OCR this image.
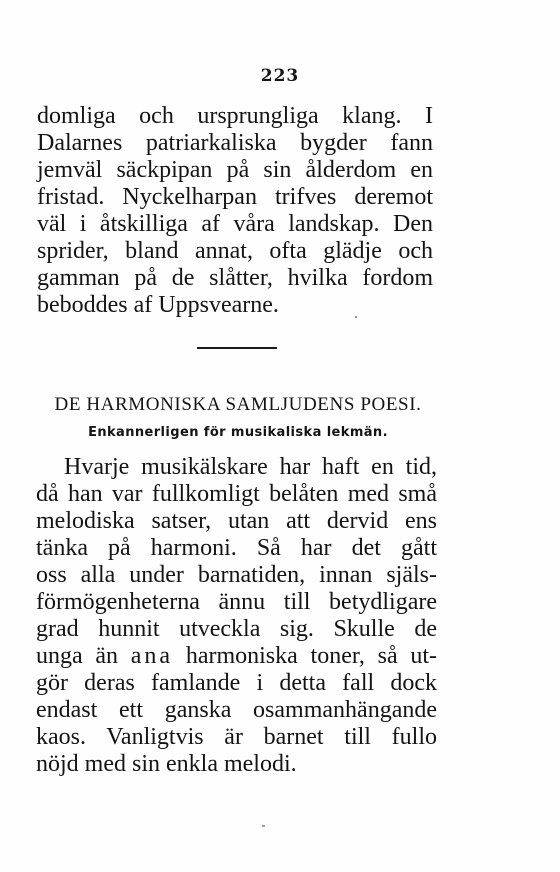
223
domliga och ursprungliga klang. I
Dalarnes patriarkaliska bygder fann
jemväl säckpipan på sin ålderdom en
fristad. Nyckelharpan trifves deremot
väl i åtskilliga af våra landskap. Den
sprider, bland annat, ofta glädje och
gamman på de slåtter, hvilka fordom
beboddes af Uppsvearne.
DE HARMONISKA SAMLJUDENS POESI.
Enkannerligen för musikaliska lekmän.
Hvarje musikälskare har haft en tid,
då han var fullkomligt belåten med små
melodiska satser, utan att dervid ens
tänka på harmoni. Så har det gått
oss alla under barnatiden, innan själs-
förmögenheterna ännu till betydligare
grad hunnit utveckla sig. Skulle de
unga än ana harmoniska toner, så ut-
gör deras famlande i detta fall dock
endast ett ganska osammanhängande
kaos. Vanligtvis är barnet till fullo
nöjd med sin enkla melodi.
